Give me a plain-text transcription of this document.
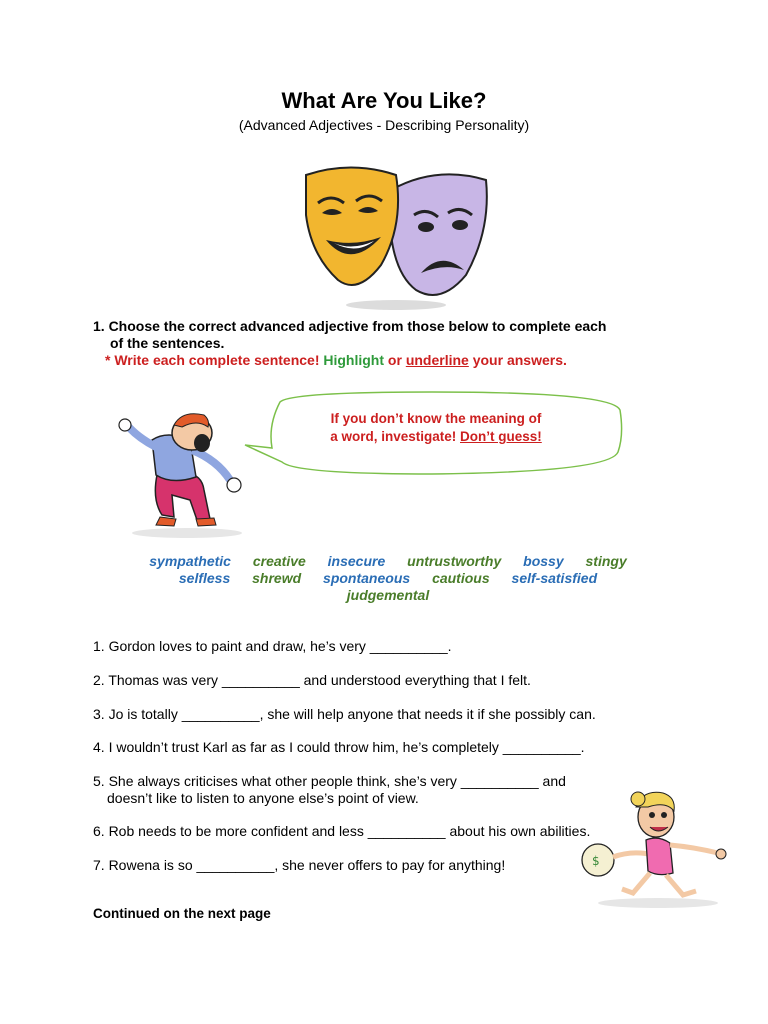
What Are You Like?
(Advanced Adjectives - Describing Personality)
1. Choose the correct advanced adjective from those below to complete each
of the sentences.
* Write each complete sentence! Highlight or underline your answers.
If you don’t know the meaning of
a word, investigate! Don’t guess!
sympathetic creative insecure untrustworthy bossy stingy
selfless shrewd spontaneous cautious self-satisfied
judgemental
1. Gordon loves to paint and draw, he’s very __________.
2. Thomas was very __________ and understood everything that I felt.
3. Jo is totally __________, she will help anyone that needs it if she possibly can.
4. I wouldn’t trust Karl as far as I could throw him, he’s completely __________.
5. She always criticises what other people think, she’s very __________ and
doesn’t like to listen to anyone else’s point of view.
6. Rob needs to be more confident and less __________ about his own abilities.
7. Rowena is so __________, she never offers to pay for anything!	$
Continued on the next page
